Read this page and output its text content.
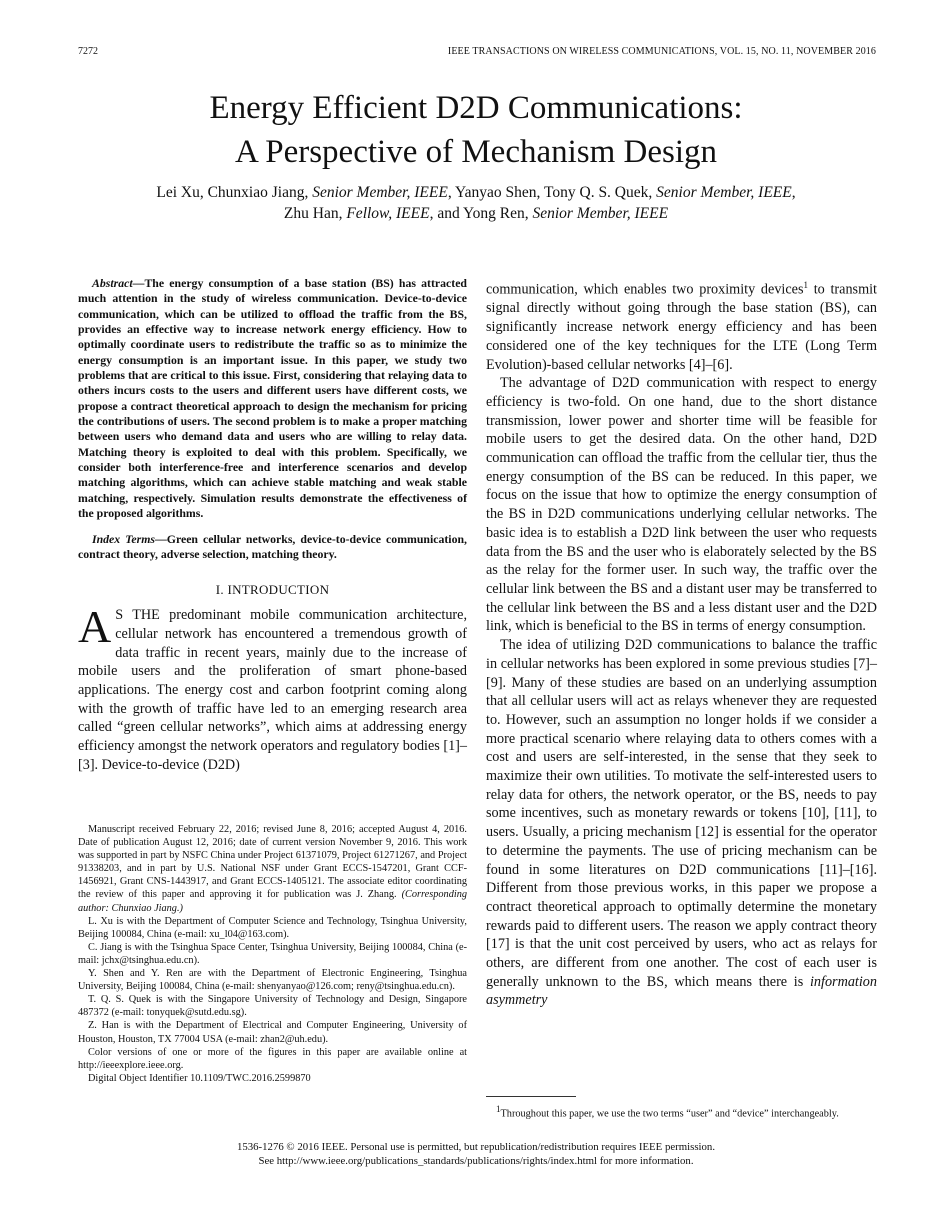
7272	IEEE TRANSACTIONS ON WIRELESS COMMUNICATIONS, VOL. 15, NO. 11, NOVEMBER 2016
Energy Efficient D2D Communications:
A Perspective of Mechanism Design
Lei Xu, Chunxiao Jiang, Senior Member, IEEE, Yanyao Shen, Tony Q. S. Quek, Senior Member, IEEE,
Zhu Han, Fellow, IEEE, and Yong Ren, Senior Member, IEEE

Abstract—The energy consumption of a base station (BS) has attracted much attention in the study of wireless communication. Device-to-device communication, which can be utilized to offload the traffic from the BS, provides an effective way to increase network energy efficiency. How to optimally coordinate users to redistribute the traffic so as to minimize the energy consumption is an important issue. In this paper, we study two problems that are critical to this issue. First, considering that relaying data to others incurs costs to the users and different users have different costs, we propose a contract theoretical approach to design the mechanism for pricing the contributions of users. The second problem is to make a proper matching between users who demand data and users who are willing to relay data. Matching theory is exploited to deal with this problem. Specifically, we consider both interference-free and interference scenarios and develop matching algorithms, which can achieve stable matching and weak stable matching, respectively. Simulation results demonstrate the effectiveness of the proposed algorithms.

Index Terms—Green cellular networks, device-to-device communication, contract theory, adverse selection, matching theory.

I. INTRODUCTION

A S THE predominant mobile communication architecture, cellular network has encountered a tremendous growth of data traffic in recent years, mainly due to the increase of mobile users and the proliferation of smart phone-based applications. The energy cost and carbon footprint coming along with the growth of traffic have led to an emerging research area called “green cellular networks”, which aims at addressing energy efficiency amongst the network operators and regulatory bodies [1]–[3]. Device-to-device (D2D)

Manuscript received February 22, 2016; revised June 8, 2016; accepted August 4, 2016. Date of publication August 12, 2016; date of current version November 9, 2016. This work was supported in part by NSFC China under Project 61371079, Project 61271267, and Project 91338203, and in part by U.S. National NSF under Grant ECCS-1547201, Grant CCF-1456921, Grant CNS-1443917, and Grant ECCS-1405121. The associate editor coordinating the review of this paper and approving it for publication was J. Zhang. (Corresponding author: Chunxiao Jiang.)

L. Xu is with the Department of Computer Science and Technology, Tsinghua University, Beijing 100084, China (e-mail: xu_l04@163.com).

C. Jiang is with the Tsinghua Space Center, Tsinghua University, Beijing 100084, China (e-mail: jchx@tsinghua.edu.cn).

Y. Shen and Y. Ren are with the Department of Electronic Engineering, Tsinghua University, Beijing 100084, China (e-mail: shenyanyao@126.com; reny@tsinghua.edu.cn).

T. Q. S. Quek is with the Singapore University of Technology and Design, Singapore 487372 (e-mail: tonyquek@sutd.edu.sg).

Z. Han is with the Department of Electrical and Computer Engineering, University of Houston, Houston, TX 77004 USA (e-mail: zhan2@uh.edu).

Color versions of one or more of the figures in this paper are available online at http://ieeexplore.ieee.org.

Digital Object Identifier 10.1109/TWC.2016.2599870

communication, which enables two proximity devices$^1$ to transmit signal directly without going through the base station (BS), can significantly increase network energy efficiency and has been considered one of the key techniques for the LTE (Long Term Evolution)-based cellular networks [4]–[6].

The advantage of D2D communication with respect to energy efficiency is two-fold. On one hand, due to the short distance transmission, lower power and shorter time will be feasible for mobile users to get the desired data. On the other hand, D2D communication can offload the traffic from the cellular tier, thus the energy consumption of the BS can be reduced. In this paper, we focus on the issue that how to optimize the energy consumption of the BS in D2D communications underlying cellular networks. The basic idea is to establish a D2D link between the user who requests data from the BS and the user who is elaborately selected by the BS as the relay for the former user. In such way, the traffic over the cellular link between the BS and a distant user may be transferred to the cellular link between the BS and a less distant user and the D2D link, which is beneficial to the BS in terms of energy consumption.

The idea of utilizing D2D communications to balance the traffic in cellular networks has been explored in some previous studies [7]–[9]. Many of these studies are based on an underlying assumption that all cellular users will act as relays whenever they are requested to. However, such an assumption no longer holds if we consider a more practical scenario where relaying data to others comes with a cost and users are self-interested, in the sense that they seek to maximize their own utilities. To motivate the self-interested users to relay data for others, the network operator, or the BS, needs to pay some incentives, such as monetary rewards or tokens [10], [11], to users. Usually, a pricing mechanism [12] is essential for the operator to determine the payments. The use of pricing mechanism can be found in some literatures on D2D communications [11]–[16]. Different from those previous works, in this paper we propose a contract theoretical approach to optimally determine the monetary rewards paid to different users. The reason we apply contract theory [17] is that the unit cost perceived by users, who act as relays for others, are different from one another. The cost of each user is generally unknown to the BS, which means there is information asymmetry

$^1$Throughout this paper, we use the two terms “user” and “device” interchangeably.

1536-1276 © 2016 IEEE. Personal use is permitted, but republication/redistribution requires IEEE permission.
See http://www.ieee.org/publications_standards/publications/rights/index.html for more information.
